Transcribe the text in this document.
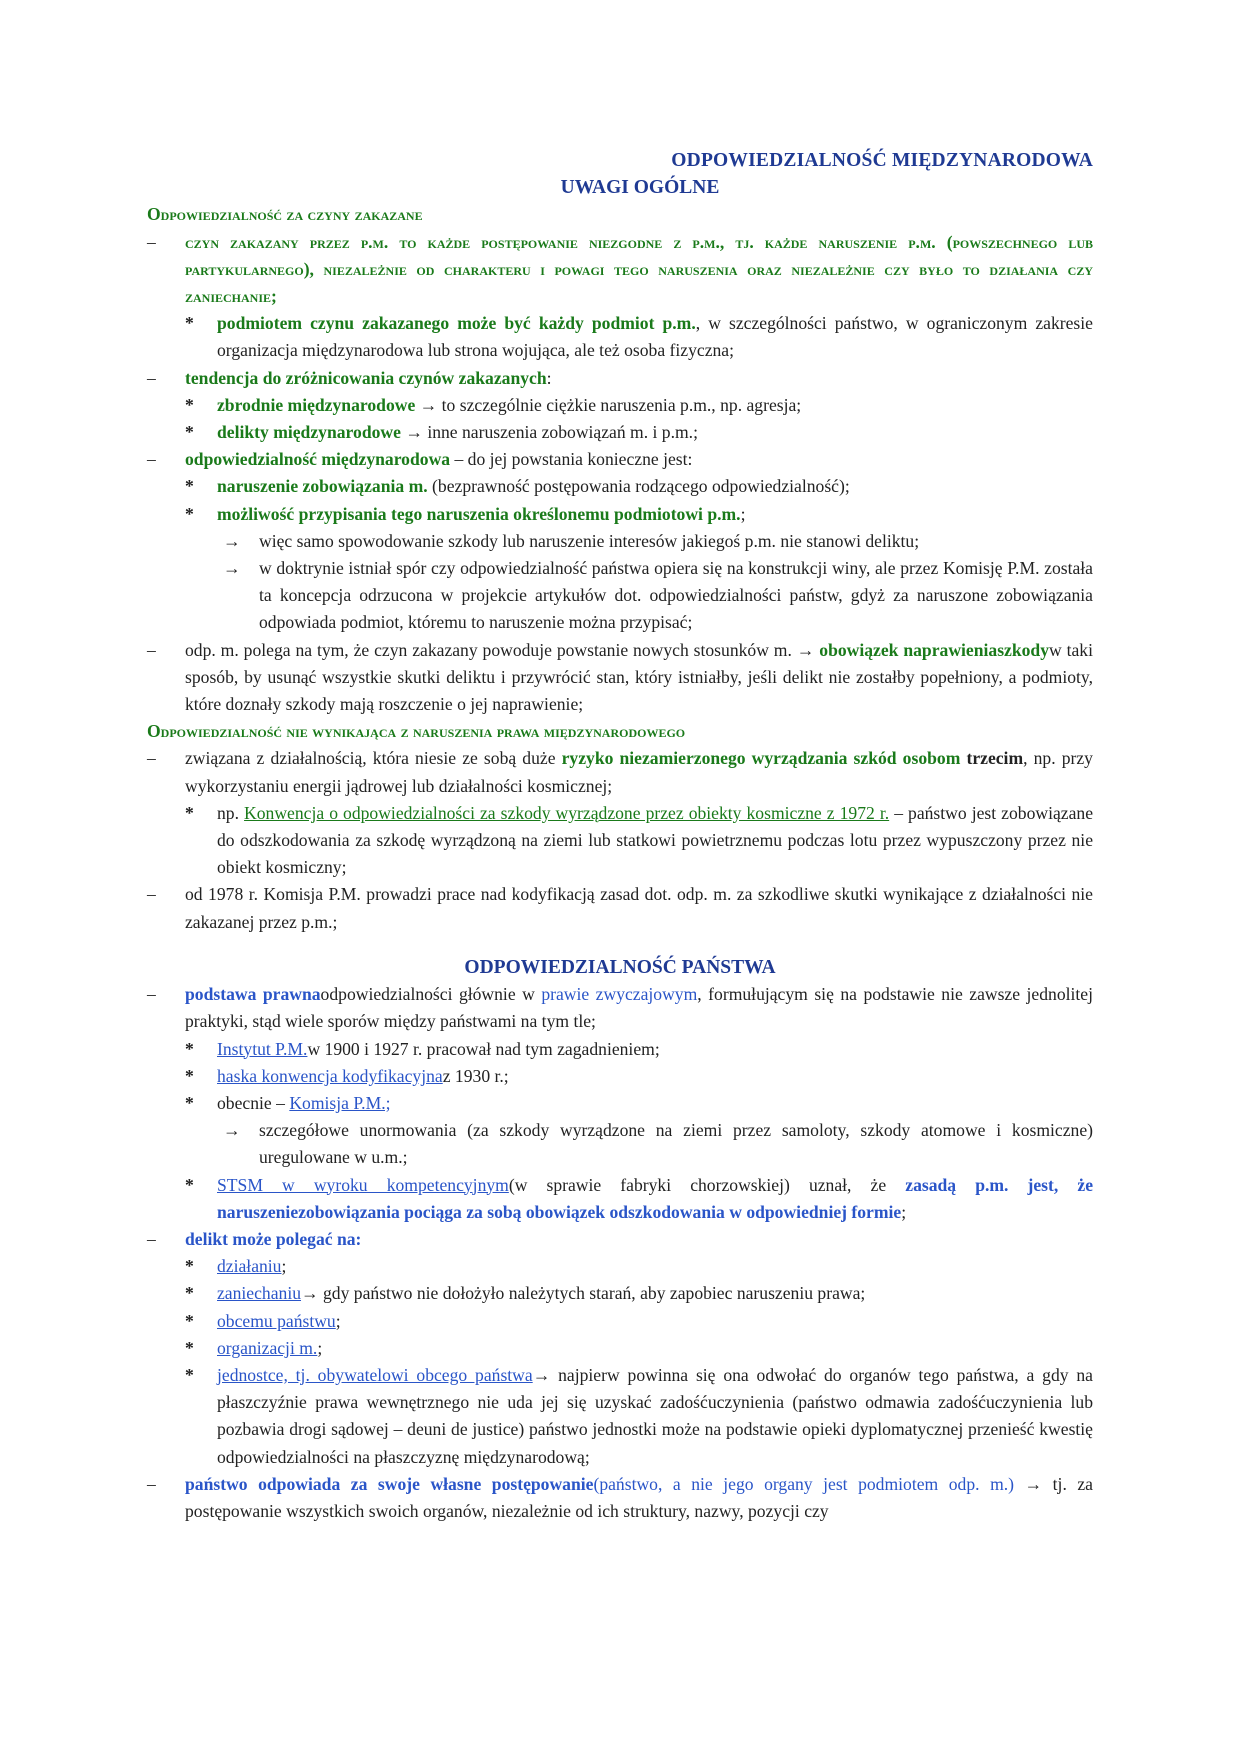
ODPOWIEDZIALNOŚĆ MIĘDZYNARODOWA
UWAGI OGÓLNE
Odpowiedzialność za czyny zakazane
–	czyn zakazany przez p.m. to każde postępowanie niezgodne z p.m., tj. każde naruszenie p.m. (powszechnego lub partykularnego), niezależnie od charakteru i powagi tego naruszenia oraz niezależnie czy było to działania czy zaniechanie;
*	podmiotem czynu zakazanego może być każdy podmiot p.m., w szczególności państwo, w ograniczonym zakresie organizacja międzynarodowa lub strona wojująca, ale też osoba fizyczna;
–	tendencja do zróżnicowania czynów zakazanych:
*	zbrodnie międzynarodowe → to szczególnie ciężkie naruszenia p.m., np. agresja;
*	delikty międzynarodowe → inne naruszenia zobowiązań m. i p.m.;
–	odpowiedzialność międzynarodowa – do jej powstania konieczne jest:
*	naruszenie zobowiązania m. (bezprawność postępowania rodzącego odpowiedzialność);
*	możliwość przypisania tego naruszenia określonemu podmiotowi p.m.;
→	więc samo spowodowanie szkody lub naruszenie interesów jakiegoś p.m. nie stanowi deliktu;
→	w doktrynie istniał spór czy odpowiedzialność państwa opiera się na konstrukcji winy, ale przez Komisję P.M. została ta koncepcja odrzucona w projekcie artykułów dot. odpowiedzialności państw, gdyż za naruszone zobowiązania odpowiada podmiot, któremu to naruszenie można przypisać;
–	odp. m. polega na tym, że czyn zakazany powoduje powstanie nowych stosunków m. → obowiązek naprawieniaszkodyw taki sposób, by usunąć wszystkie skutki deliktu i przywrócić stan, który istniałby, jeśli delikt nie zostałby popełniony, a podmioty, które doznały szkody mają roszczenie o jej naprawienie;
Odpowiedzialność nie wynikająca z naruszenia prawa międzynarodowego
–	związana z działalnością, która niesie ze sobą duże ryzyko niezamierzonego wyrządzania szkód osobom trzecim, np. przy wykorzystaniu energii jądrowej lub działalności kosmicznej;
*	np. Konwencja o odpowiedzialności za szkody wyrządzone przez obiekty kosmiczne z 1972 r. – państwo jest zobowiązane do odszkodowania za szkodę wyrządzoną na ziemi lub statkowi powietrznemu podczas lotu przez wypuszczony przez nie obiekt kosmiczny;
–	od 1978 r. Komisja P.M. prowadzi prace nad kodyfikacją zasad dot. odp. m. za szkodliwe skutki wynikające z działalności nie zakazanej przez p.m.;
ODPOWIEDZIALNOŚĆ PAŃSTWA
–	podstawa prawnaodpowiedzialności głównie w prawie zwyczajowym, formułującym się na podstawie nie zawsze jednolitej praktyki, stąd wiele sporów między państwami na tym tle;
*	Instytut P.M.w 1900 i 1927 r. pracował nad tym zagadnieniem;
*	haska konwencja kodyfikacyjnaz 1930 r.;
*	obecnie – Komisja P.M.;
→	szczegółowe unormowania (za szkody wyrządzone na ziemi przez samoloty, szkody atomowe i kosmiczne) uregulowane w u.m.;
*	STSM w wyroku kompetencyjnym(w sprawie fabryki chorzowskiej) uznał, że zasadą p.m. jest, że naruszeniezobowiązania pociąga za sobą obowiązek odszkodowania w odpowiedniej formie;
–	delikt może polegać na:
*	działaniu;
*	zaniechaniu→ gdy państwo nie dołożyło należytych starań, aby zapobiec naruszeniu prawa;
*	obcemu państwu;
*	organizacji m.;
*	jednostce, tj. obywatelowi obcego państwa→ najpierw powinna się ona odwołać do organów tego państwa, a gdy na płaszczyźnie prawa wewnętrznego nie uda jej się uzyskać zadośćuczynienia (państwo odmawia zadośćuczynienia lub pozbawia drogi sądowej – deuni de justice) państwo jednostki może na podstawie opieki dyplomatycznej przenieść kwestię odpowiedzialności na płaszczyznę międzynarodową;
–	państwo odpowiada za swoje własne postępowanie(państwo, a nie jego organy jest podmiotem odp. m.) → tj. za postępowanie wszystkich swoich organów, niezależnie od ich struktury, nazwy, pozycji czy
